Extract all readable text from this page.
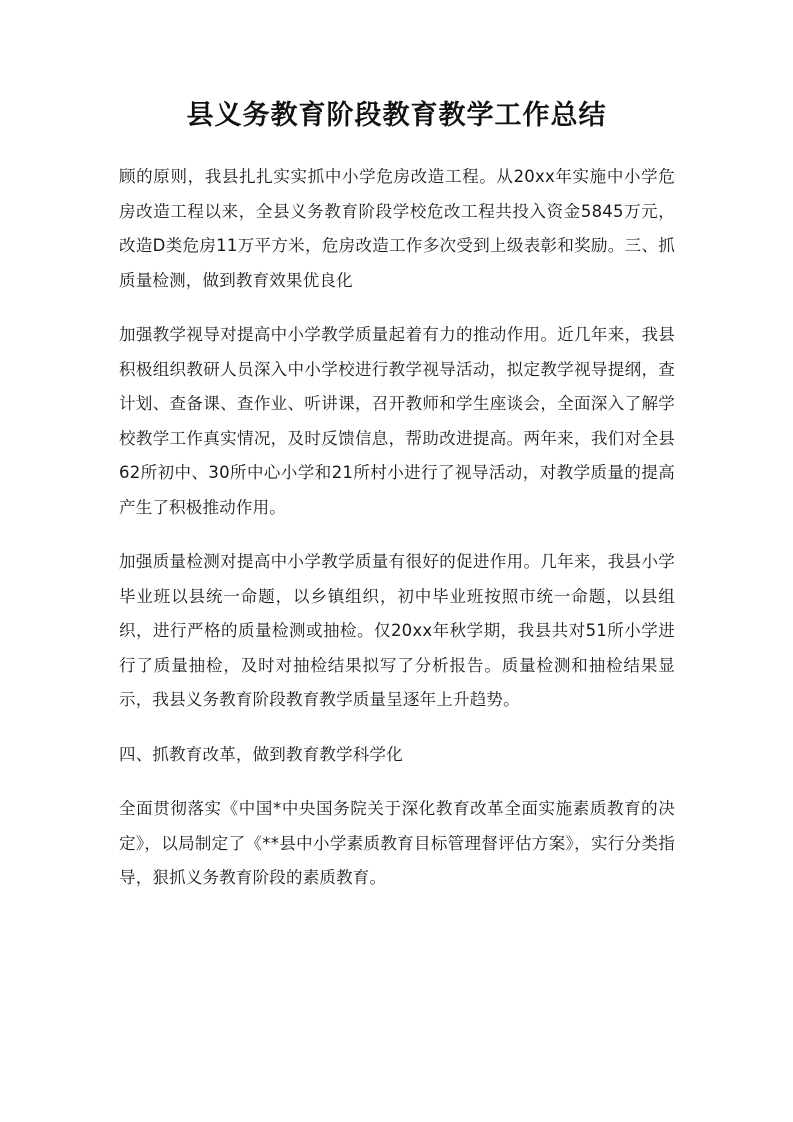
县义务教育阶段教育教学工作总结

顾的原则，我县扎扎实实抓中小学危房改造工程。从20xx年实施中小学危房改造工程以来，全县义务教育阶段学校危改工程共投入资金5845万元，改造D类危房11万平方米，危房改造工作多次受到上级表彰和奖励。三、抓质量检测，做到教育效果优良化

加强教学视导对提高中小学教学质量起着有力的推动作用。近几年来，我县积极组织教研人员深入中小学校进行教学视导活动，拟定教学视导提纲，查计划、查备课、查作业、听讲课，召开教师和学生座谈会，全面深入了解学校教学工作真实情况，及时反馈信息，帮助改进提高。两年来，我们对全县62所初中、30所中心小学和21所村小进行了视导活动，对教学质量的提高产生了积极推动作用。

加强质量检测对提高中小学教学质量有很好的促进作用。几年来，我县小学毕业班以县统一命题，以乡镇组织，初中毕业班按照市统一命题，以县组织，进行严格的质量检测或抽检。仅20xx年秋学期，我县共对51所小学进行了质量抽检，及时对抽检结果拟写了分析报告。质量检测和抽检结果显示，我县义务教育阶段教育教学质量呈逐年上升趋势。

四、抓教育改革，做到教育教学科学化

全面贯彻落实《中国*中央国务院关于深化教育改革全面实施素质教育的决定》，以局制定了《**县中小学素质教育目标管理督评估方案》，实行分类指导，狠抓义务教育阶段的素质教育。
